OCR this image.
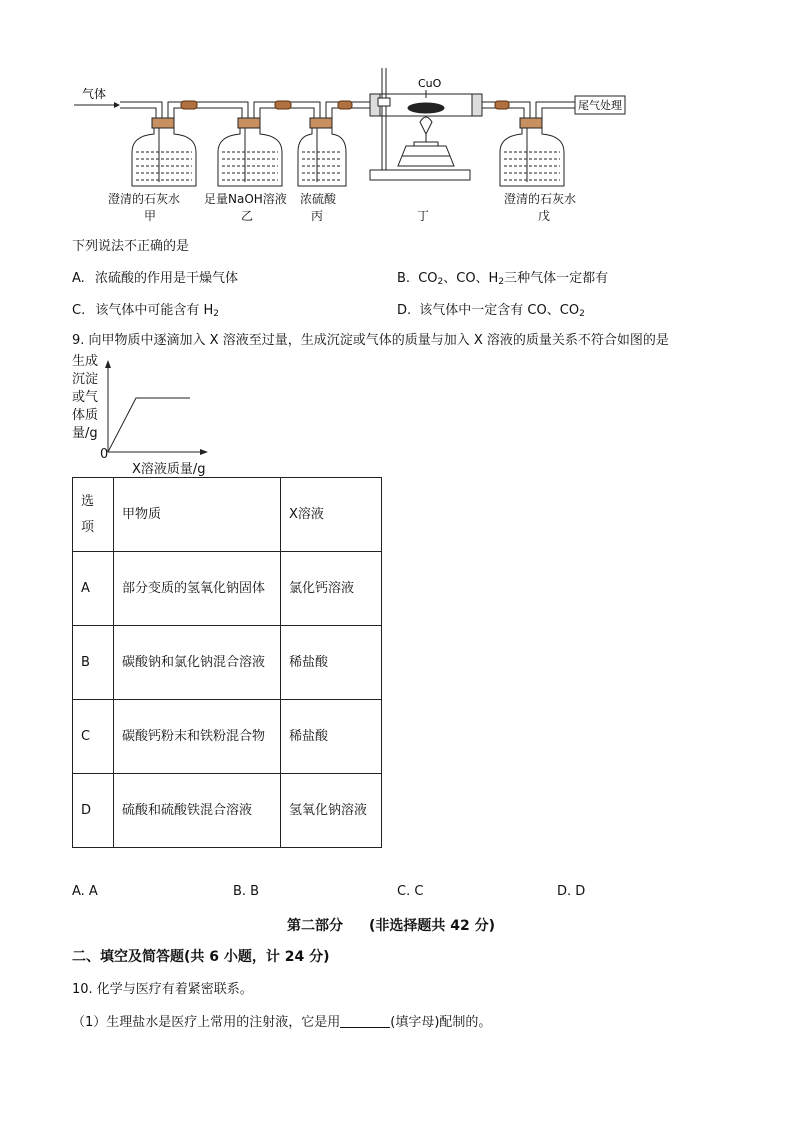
气体
CuO
尾气处理
澄清的石灰水
甲
足量NaOH溶液
乙
浓硫酸
丙	丁
澄清的石灰水
戊
下列说法不正确的是
A. 浓硫酸的作用是干燥气体	B. $CO_2$、CO、$H_2$三种气体一定都有
C. 该气体中可能含有 $H_2$	D. 该气体中一定含有 CO、$CO_2$
9. 向甲物质中逐滴加入 X 溶液至过量，生成沉淀或气体的质量与加入 X 溶液的质量关系不符合如图的是
生成
沉淀
或气
体质
量/g
0
X溶液质量/g
选项	甲物质	X溶液
A	部分变质的氢氧化钠固体	氯化钙溶液
B	碳酸钠和氯化钠混合溶液	稀盐酸
C	碳酸钙粉末和铁粉混合物	稀盐酸
D	硫酸和硫酸铁混合溶液	氢氧化钠溶液
A. A	B. B	C. C	D. D
第二部分 (非选择题共 42 分)
二、填空及简答题(共 6 小题，计 24 分)
10. 化学与医疗有着紧密联系。
（1）生理盐水是医疗上常用的注射液，它是用	(填字母)配制的。
